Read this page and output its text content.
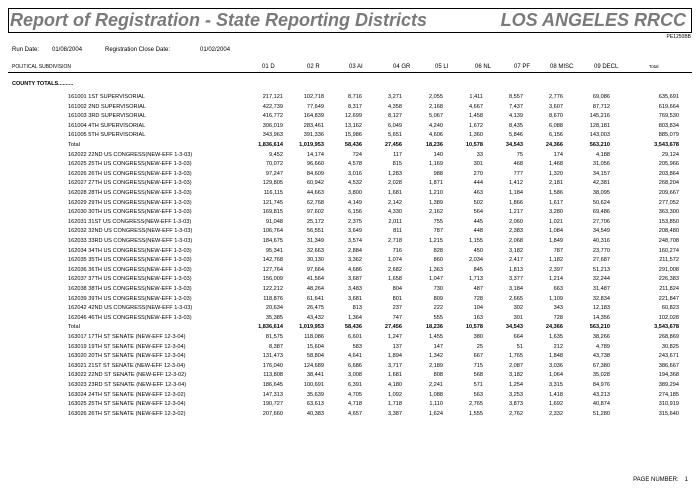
Report of Registration - State Reporting Districts	LOS ANGELES RRCC
PE1250BB
Run Date: 01/08/2004	Registration Close Date:	01/02/2004
POLITICAL SUBDIVISION	01 D	02 R	03 AI	04 GR	05 LI	06 NL	07 PF	08 MISC	09 DECL	Total
COUNTY TOTALS..........
161001 1ST SUPERVISORIAL	217,121	102,718	8,716	3,271	2,055	1,411	8,557	2,776	69,086	635,691
161002 2ND SUPERVISORIAL	422,739	77,649	8,317	4,358	2,168	4,667	7,437	3,607	87,712	619,664
161003 3RD SUPERVISORIAL	416,772	164,839	12,699	8,127	5,067	1,458	4,139	8,670	145,216	769,530
161004 4TH SUPERVISORIAL	306,019	283,461	13,162	6,049	4,240	1,672	8,435	6,088	128,181	803,834
161005 5TH SUPERVISORIAL	343,963	391,336	15,986	5,651	4,606	1,360	5,846	6,156	143,003	885,079
Total	1,836,614	1,019,953	58,436	27,456	18,236	10,578	34,543	24,366	563,210	3,543,678
162022 22ND US CONGRESS(NEW-EFF 1-3-03)	9,452	14,174	724	117	140	33	75	174	4,188	29,124
162025 25TH US CONGRESS(NEW-EFF 1-3-03)	70,072	96,660	4,578	815	1,169	301	468	1,468	31,056	205,966
162026 26TH US CONGRESS(NEW-EFF 1-3-03)	97,247	84,609	3,016	1,283	988	270	777	1,320	34,157	203,864
162027 27TH US CONGRESS(NEW-EFF 1-3-03)	129,805	60,942	4,532	2,028	1,871	444	1,412	2,181	42,381	268,204
162028 28TH US CONGRESS(NEW-EFF 1-3-03)	116,115	44,663	3,800	1,681	1,210	463	1,184	1,586	38,095	209,667
162029 29TH US CONGRESS(NEW-EFF 1-3-03)	121,745	62,768	4,149	2,142	1,389	502	1,866	1,617	50,624	277,052
162030 30TH US CONGRESS(NEW-EFF 1-3-03)	169,815	97,602	6,156	4,330	2,162	564	1,217	3,280	69,486	363,300
162031 31ST US CONGRESS(NEW-EFF 1-3-03)	91,048	25,172	2,375	2,011	755	445	2,060	1,021	27,706	153,850
162032 32ND US CONGRESS(NEW-EFF 1-3-03)	106,764	56,551	3,649	811	787	448	2,383	1,084	34,549	208,480
162033 33RD US CONGRESS(NEW-EFF 1-3-03)	184,675	31,349	3,574	2,718	1,215	1,155	2,068	1,849	40,316	248,708
162034 34TH US CONGRESS(NEW-EFF 1-3-03)	95,341	32,663	2,884	716	828	450	3,182	787	23,770	160,274
162035 35TH US CONGRESS(NEW-EFF 1-3-03)	142,768	30,130	3,362	1,074	860	2,034	2,417	1,182	27,687	211,572
162036 36TH US CONGRESS(NEW-EFF 1-3-03)	127,764	97,664	4,686	2,682	1,363	845	1,813	2,397	51,213	291,008
162037 37TH US CONGRESS(NEW-EFF 1-3-03)	156,009	41,564	3,687	1,658	1,047	1,713	3,377	1,214	32,244	226,383
162038 38TH US CONGRESS(NEW-EFF 1-3-03)	122,212	48,264	3,483	804	730	487	3,184	663	31,487	211,824
162039 39TH US CONGRESS(NEW-EFF 1-3-03)	118,876	61,641	3,681	801	809	728	2,665	1,109	32,834	221,847
162042 42ND US CONGRESS(NEW-EFF 1-3-03)	20,634	26,475	813	237	222	104	302	343	12,183	60,823
162046 46TH US CONGRESS(NEW-EFF 1-3-03)	35,385	43,432	1,364	747	555	163	301	728	14,356	102,028
Total	1,836,614	1,019,953	58,436	27,456	18,236	10,578	34,543	24,366	563,210	3,543,678
163017 17TH ST SENATE (NEW-EFF 12-3-04)	81,575	118,086	6,601	1,247	1,455	380	664	1,635	38,266	268,869
163019 19TH ST SENATE (NEW-EFF 12-3-04)	8,387	15,604	583	137	147	25	51	212	4,789	30,825
163020 20TH ST SENATE (NEW-EFF 12-3-04)	131,473	58,804	4,641	1,894	1,342	667	1,765	1,848	43,738	243,671
163021 21ST ST SENATE (NEW-EFF 12-3-04)	176,040	124,689	6,686	3,717	2,189	715	2,087	3,036	67,380	386,667
163022 22ND ST SENATE (NEW-EFF 12-3-02)	113,808	38,441	3,008	1,681	808	568	3,182	1,064	35,028	194,368
163023 23RD ST SENATE (NEW-EFF 12-3-04)	186,645	100,691	6,391	4,180	2,241	571	1,254	3,315	84,976	389,294
163024 24TH ST SENATE (NEW-EFF 12-3-02)	147,313	35,639	4,705	1,092	1,088	563	3,253	1,418	43,213	274,185
163025 25TH ST SENATE (NEW-EFF 12-3-04)	190,727	63,613	4,718	1,718	1,110	2,765	3,873	1,692	40,874	310,919
163026 26TH ST SENATE (NEW-EFF 12-3-02)	207,660	40,383	4,657	3,387	1,624	1,555	2,762	2,332	51,280	315,640
PAGE NUMBER: 1
